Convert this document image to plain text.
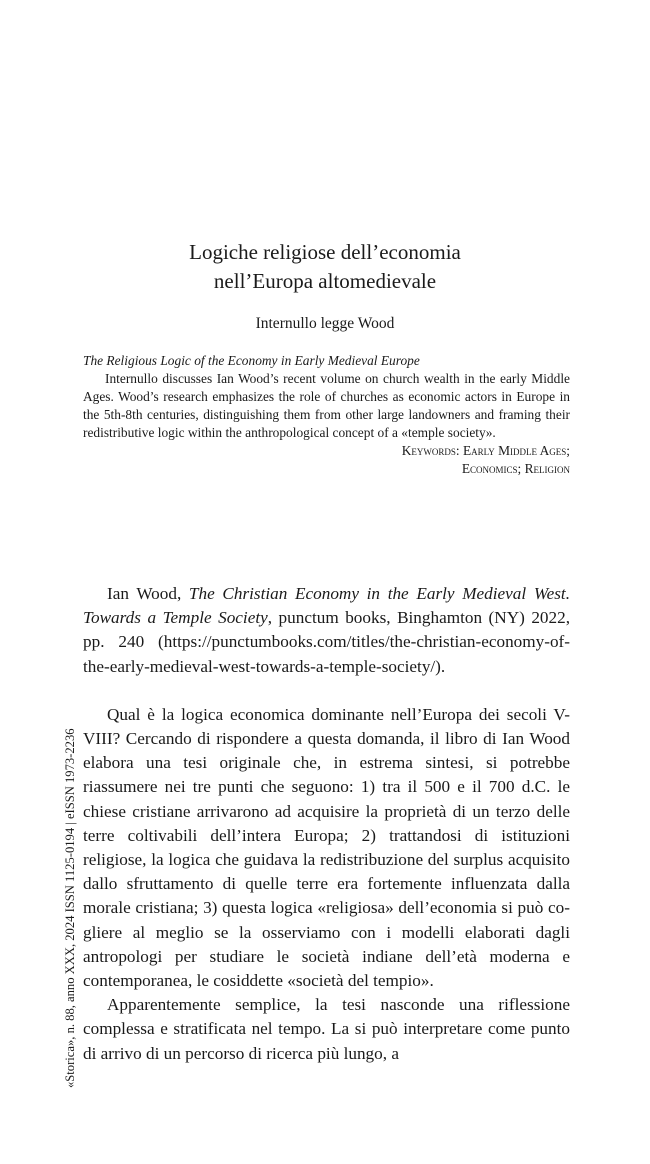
Logiche religiose dell’economia
nell’Europa altomedievale

Internullo legge Wood

The Religious Logic of the Economy in Early Medieval Europe

Internullo discusses Ian Wood’s recent volume on church wealth in the early Middle Ages. Wood’s research emphasizes the role of churches as economic actors in Europe in the 5th-8th centuries, distinguishing them from other large landowners and framing their redistributive logic within the anthropological concept of a «temple society».

Keywords: Early Middle Ages;
Economics; Religion

Ian Wood, The Christian Economy in the Early Medieval West. Towards a Temple Society, punctum books, Binghamton (NY) 2022, pp. 240 (https://punctumbooks.com/titles/the-christian-economy-of-the-early-medieval-west-towards-a-temple-society/).

Qual è la logica economica dominante nell’Europa dei secoli V-VIII? Cercando di rispondere a questa domanda, il libro di Ian Wood elabora una tesi originale che, in estrema sintesi, si potrebbe riassumere nei tre punti che seguono: 1) tra il 500 e il 700 d.C. le chiese cristiane arrivarono ad acquisire la proprietà di un terzo delle terre coltivabili dell’intera Europa; 2) trattandosi di istituzioni religiose, la logica che guidava la redistribuzione del surplus acquisito dallo sfruttamento di quelle terre era fortemente influenzata dalla morale cristiana; 3) questa logica «religiosa» dell’economia si può cogliere al meglio se la osserviamo con i modelli elaborati dagli antropologi per studiare le società indiane dell’età moderna e contemporanea, le cosiddette «società del tempio».

Apparentemente semplice, la tesi nasconde una riflessione complessa e stratificata nel tempo. La si può interpretare come punto di arrivo di un percorso di ricerca più lungo, a

«Storica», n. 88, anno XXX, 2024 ISSN 1125-0194 | eISSN 1973-2236
